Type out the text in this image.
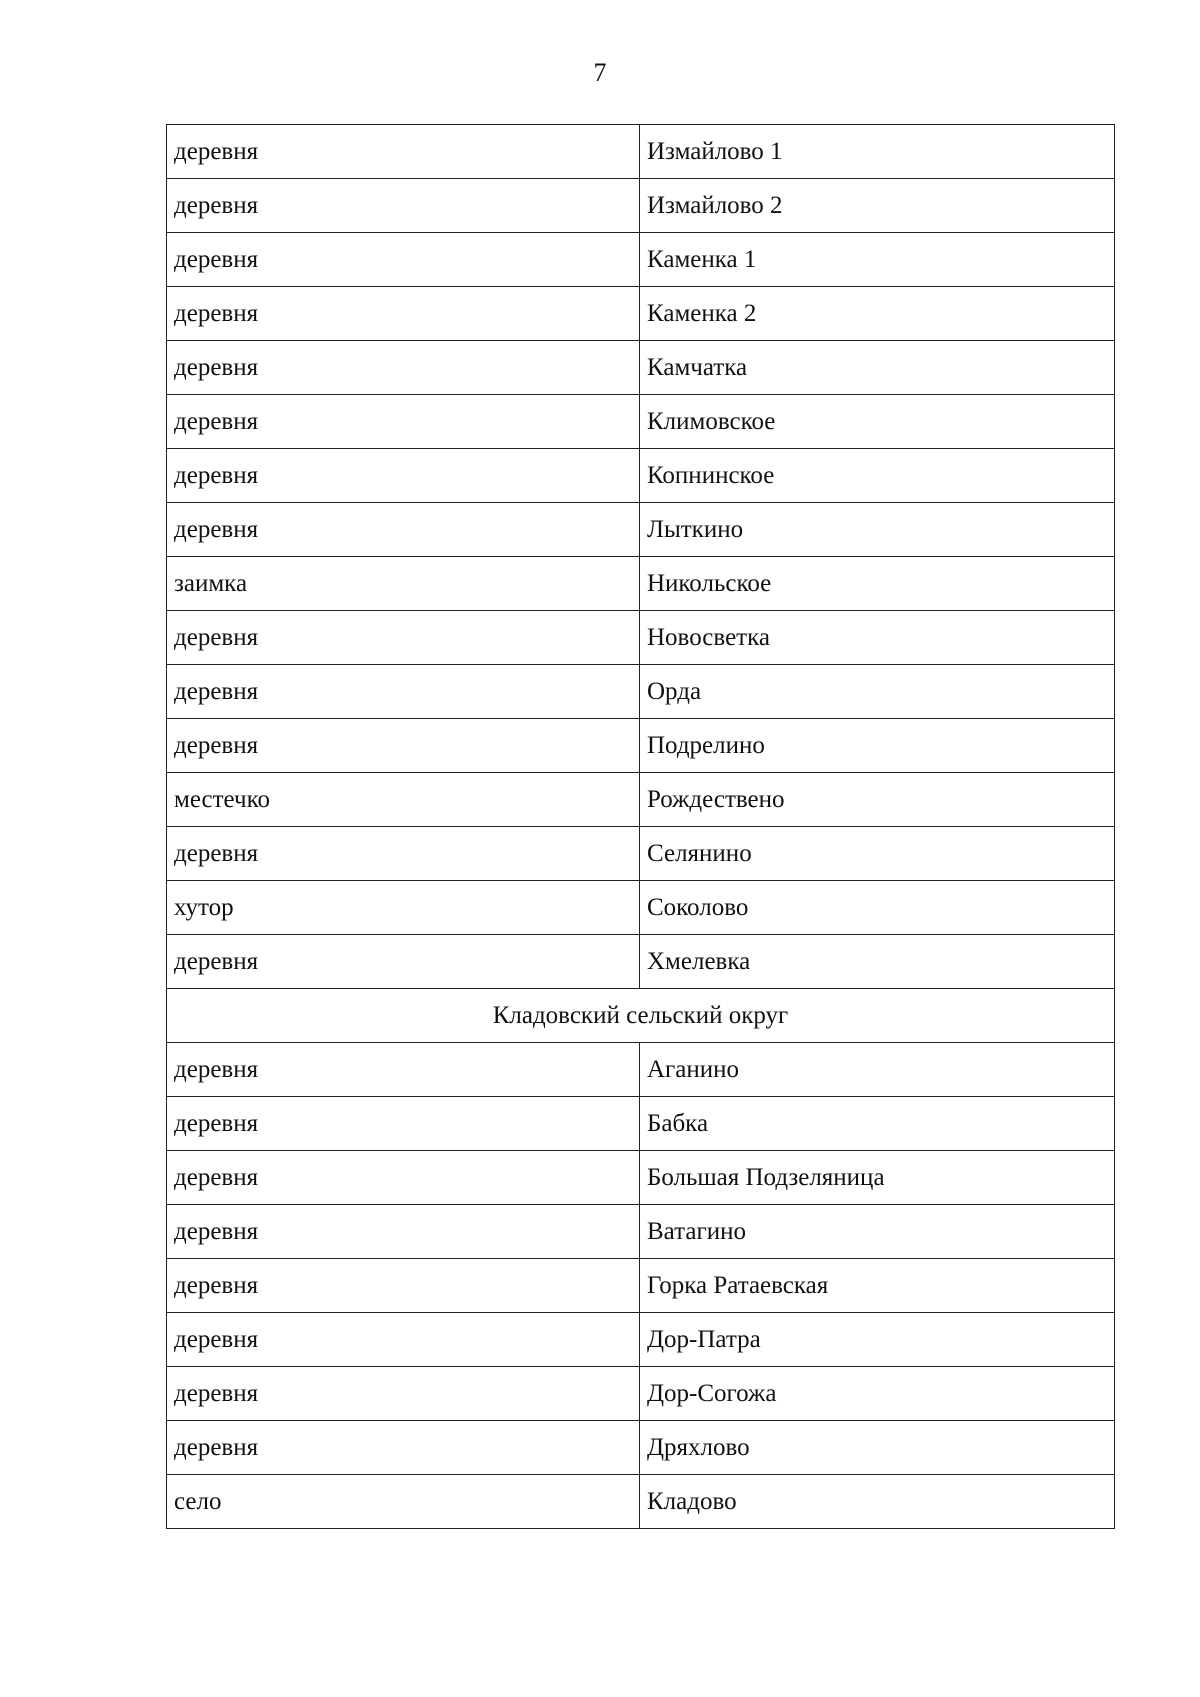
7
деревня	Измайлово 1
деревня	Измайлово 2
деревня	Каменка 1
деревня	Каменка 2
деревня	Камчатка
деревня	Климовское
деревня	Копнинское
деревня	Лыткино
заимка	Никольское
деревня	Новосветка
деревня	Орда
деревня	Подрелино
местечко	Рождествено
деревня	Селянино
хутор	Соколово
деревня	Хмелевка
Кладовский сельский округ	
деревня	Аганино
деревня	Бабка
деревня	Большая Подзеляница
деревня	Ватагино
деревня	Горка Ратаевская
деревня	Дор-Патра
деревня	Дор-Согожа
деревня	Дряхлово
село	Кладово
